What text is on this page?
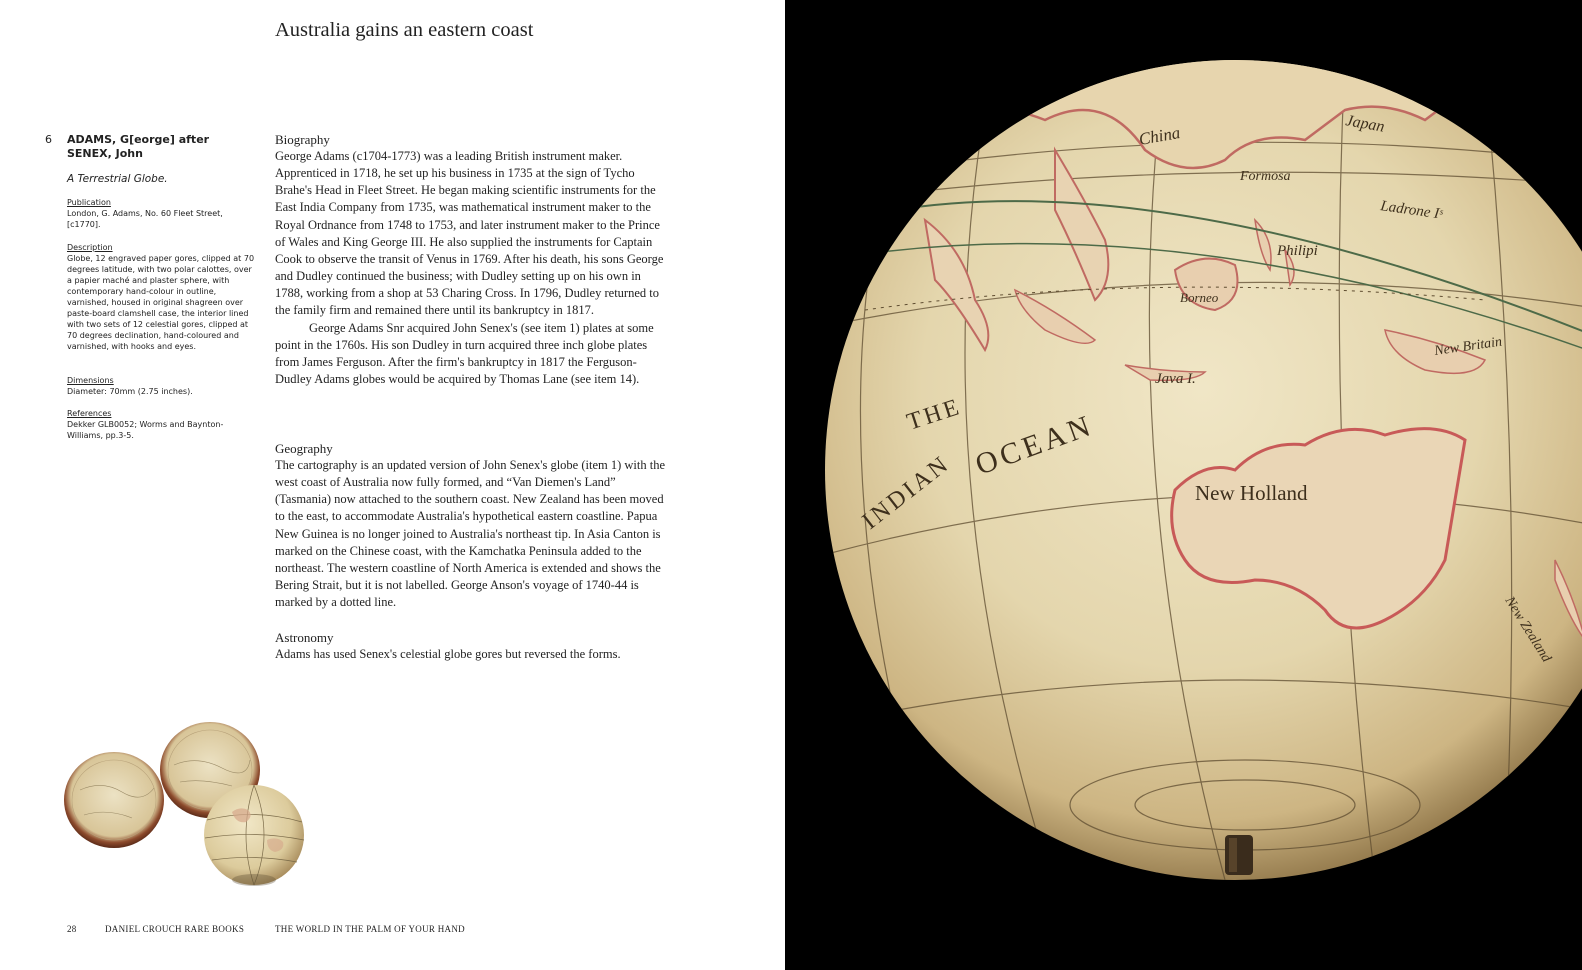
Australia gains an eastern coast
6 ADAMS, G[eorge] after SENEX, John
A Terrestrial Globe.
Publication
London, G. Adams, No. 60 Fleet Street, [c1770].
Description
Globe, 12 engraved paper gores, clipped at 70 degrees latitude, with two polar calottes, over a papier maché and plaster sphere, with contemporary hand-colour in outline, varnished, housed in original shagreen over paste-board clamshell case, the interior lined with two sets of 12 celestial gores, clipped at 70 degrees declination, hand-coloured and varnished, with hooks and eyes.
Dimensions
Diameter: 70mm (2.75 inches).
References
Dekker GLB0052; Worms and Baynton-Williams, pp.3-5.
Biography

George Adams (c1704-1773) was a leading British instrument maker. Apprenticed in 1718, he set up his business in 1735 at the sign of Tycho Brahe's Head in Fleet Street. He began making scientific instruments for the East India Company from 1735, was mathematical instrument maker to the Royal Ordnance from 1748 to 1753, and later instrument maker to the Prince of Wales and King George III. He also supplied the instruments for Captain Cook to observe the transit of Venus in 1769. After his death, his sons George and Dudley continued the business; with Dudley setting up on his own in 1788, working from a shop at 53 Charing Cross. In 1796, Dudley returned to the family firm and remained there until its bankruptcy in 1817.

George Adams Snr acquired John Senex's (see item 1) plates at some point in the 1760s. His son Dudley in turn acquired three inch globe plates from James Ferguson. After the firm's bankruptcy in 1817 the Ferguson-Dudley Adams globes would be acquired by Thomas Lane (see item 14).

Geography

The cartography is an updated version of John Senex's globe (item 1) with the west coast of Australia now fully formed, and “Van Diemen's Land” (Tasmania) now attached to the southern coast. New Zealand has been moved to the east, to accommodate Australia's hypothetical eastern coastline. Papua New Guinea is no longer joined to Australia's northeast tip. In Asia Canton is marked on the Chinese coast, with the Kamchatka Peninsula added to the northeast. The western coastline of North America is extended and shows the Bering Strait, but it is not labelled. George Anson's voyage of 1740-44 is marked by a dotted line.

Astronomy

Adams has used Senex's celestial globe gores but reversed the forms.

28	DANIEL CROUCH RARE BOOKS	THE WORLD IN THE PALM OF YOUR HAND
Japan
China
Formosa
Ladrone Iˢ
Philipi
Borneo
Java I.
New Britain
THE
INDIAN
OCEAN
New Holland
New Zealand
